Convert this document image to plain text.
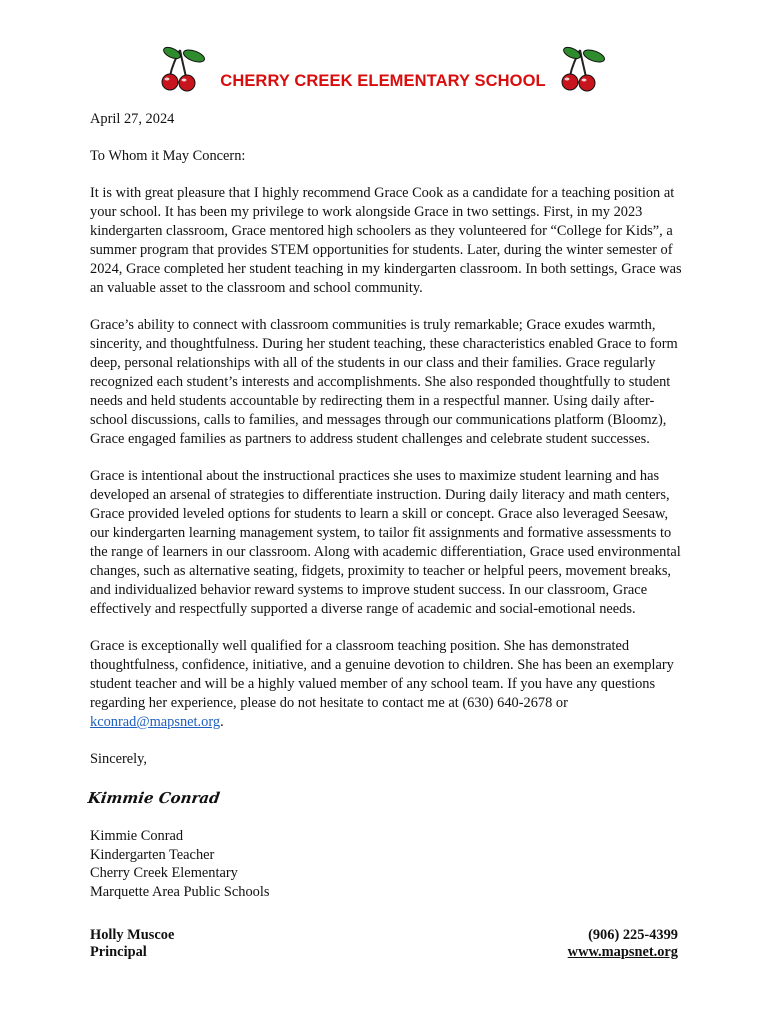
CHERRY CREEK ELEMENTARY SCHOOL

April 27, 2024

To Whom it May Concern:

It is with great pleasure that I highly recommend Grace Cook as a candidate for a teaching position at your school. It has been my privilege to work alongside Grace in two settings. First, in my 2023 kindergarten classroom, Grace mentored high schoolers as they volunteered for “College for Kids”, a summer program that provides STEM opportunities for students. Later, during the winter semester of 2024, Grace completed her student teaching in my kindergarten classroom. In both settings, Grace was an valuable asset to the classroom and school community.

Grace’s ability to connect with classroom communities is truly remarkable; Grace exudes warmth, sincerity, and thoughtfulness. During her student teaching, these characteristics enabled Grace to form deep, personal relationships with all of the students in our class and their families. Grace regularly recognized each student’s interests and accomplishments. She also responded thoughtfully to student needs and held students accountable by redirecting them in a respectful manner. Using daily after-school discussions, calls to families, and messages through our communications platform (Bloomz), Grace engaged families as partners to address student challenges and celebrate student successes.

Grace is intentional about the instructional practices she uses to maximize student learning and has developed an arsenal of strategies to differentiate instruction. During daily literacy and math centers, Grace provided leveled options for students to learn a skill or concept. Grace also leveraged Seesaw, our kindergarten learning management system, to tailor fit assignments and formative assessments to the range of learners in our classroom. Along with academic differentiation, Grace used environmental changes, such as alternative seating, fidgets, proximity to teacher or helpful peers, movement breaks, and individualized behavior reward systems to improve student success. In our classroom, Grace effectively and respectfully supported a diverse range of academic and social-emotional needs.

Grace is exceptionally well qualified for a classroom teaching position. She has demonstrated thoughtfulness, confidence, initiative, and a genuine devotion to children. She has been an exemplary student teacher and will be a highly valued member of any school team. If you have any questions regarding her experience, please do not hesitate to contact me at (630) 640-2678 or kconrad@mapsnet.org.

Sincerely,

Kimmie Conrad

Kimmie Conrad

Kindergarten Teacher

Cherry Creek Elementary

Marquette Area Public Schools

Holly Muscoe
Principal
(906) 225-4399
www.mapsnet.org
